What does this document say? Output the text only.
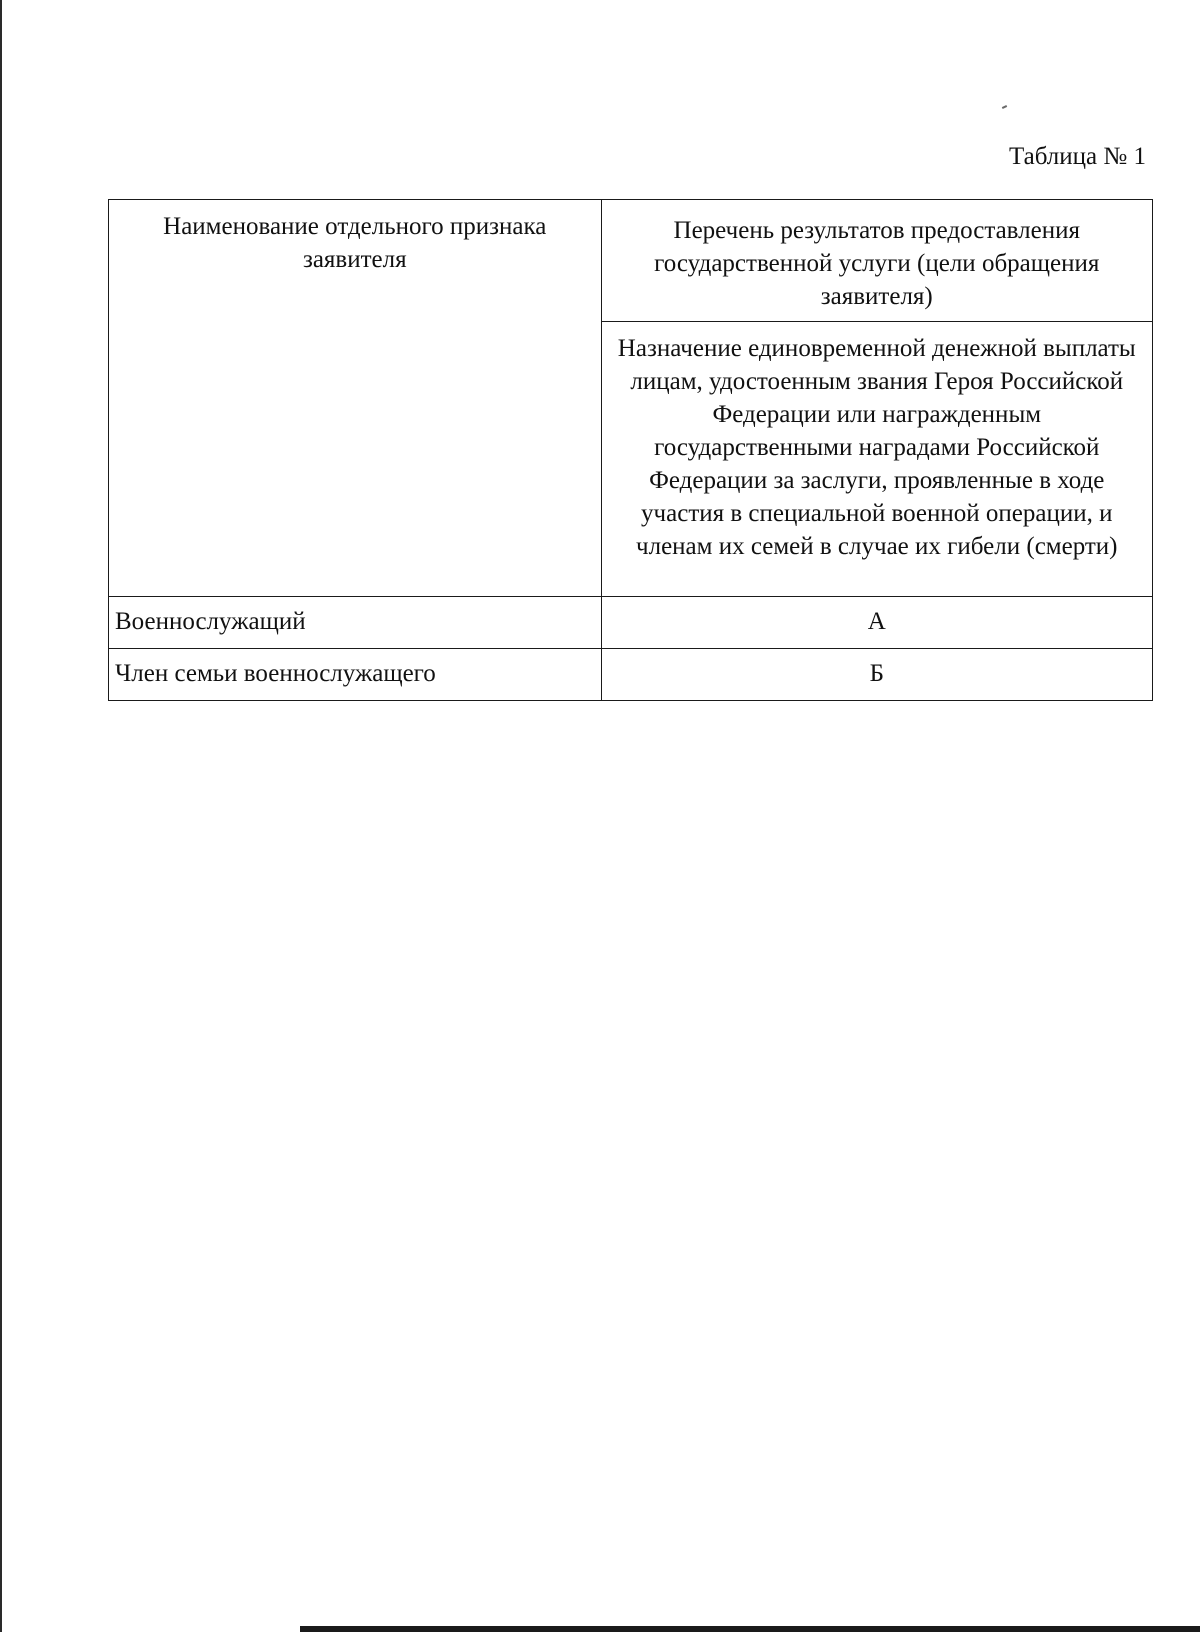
Таблица № 1
Наименование отдельного признака заявителя	Перечень результатов предоставления государственной услуги (цели обращения заявителя)
	Назначение единовременной денежной выплаты лицам, удостоенным звания Героя Российской Федерации или награжденным государственными наградами Российской Федерации за заслуги, проявленные в ходе участия в специальной военной операции, и членам их семей в случае их гибели (смерти)
Военнослужащий	А
Член семьи военнослужащего	Б
